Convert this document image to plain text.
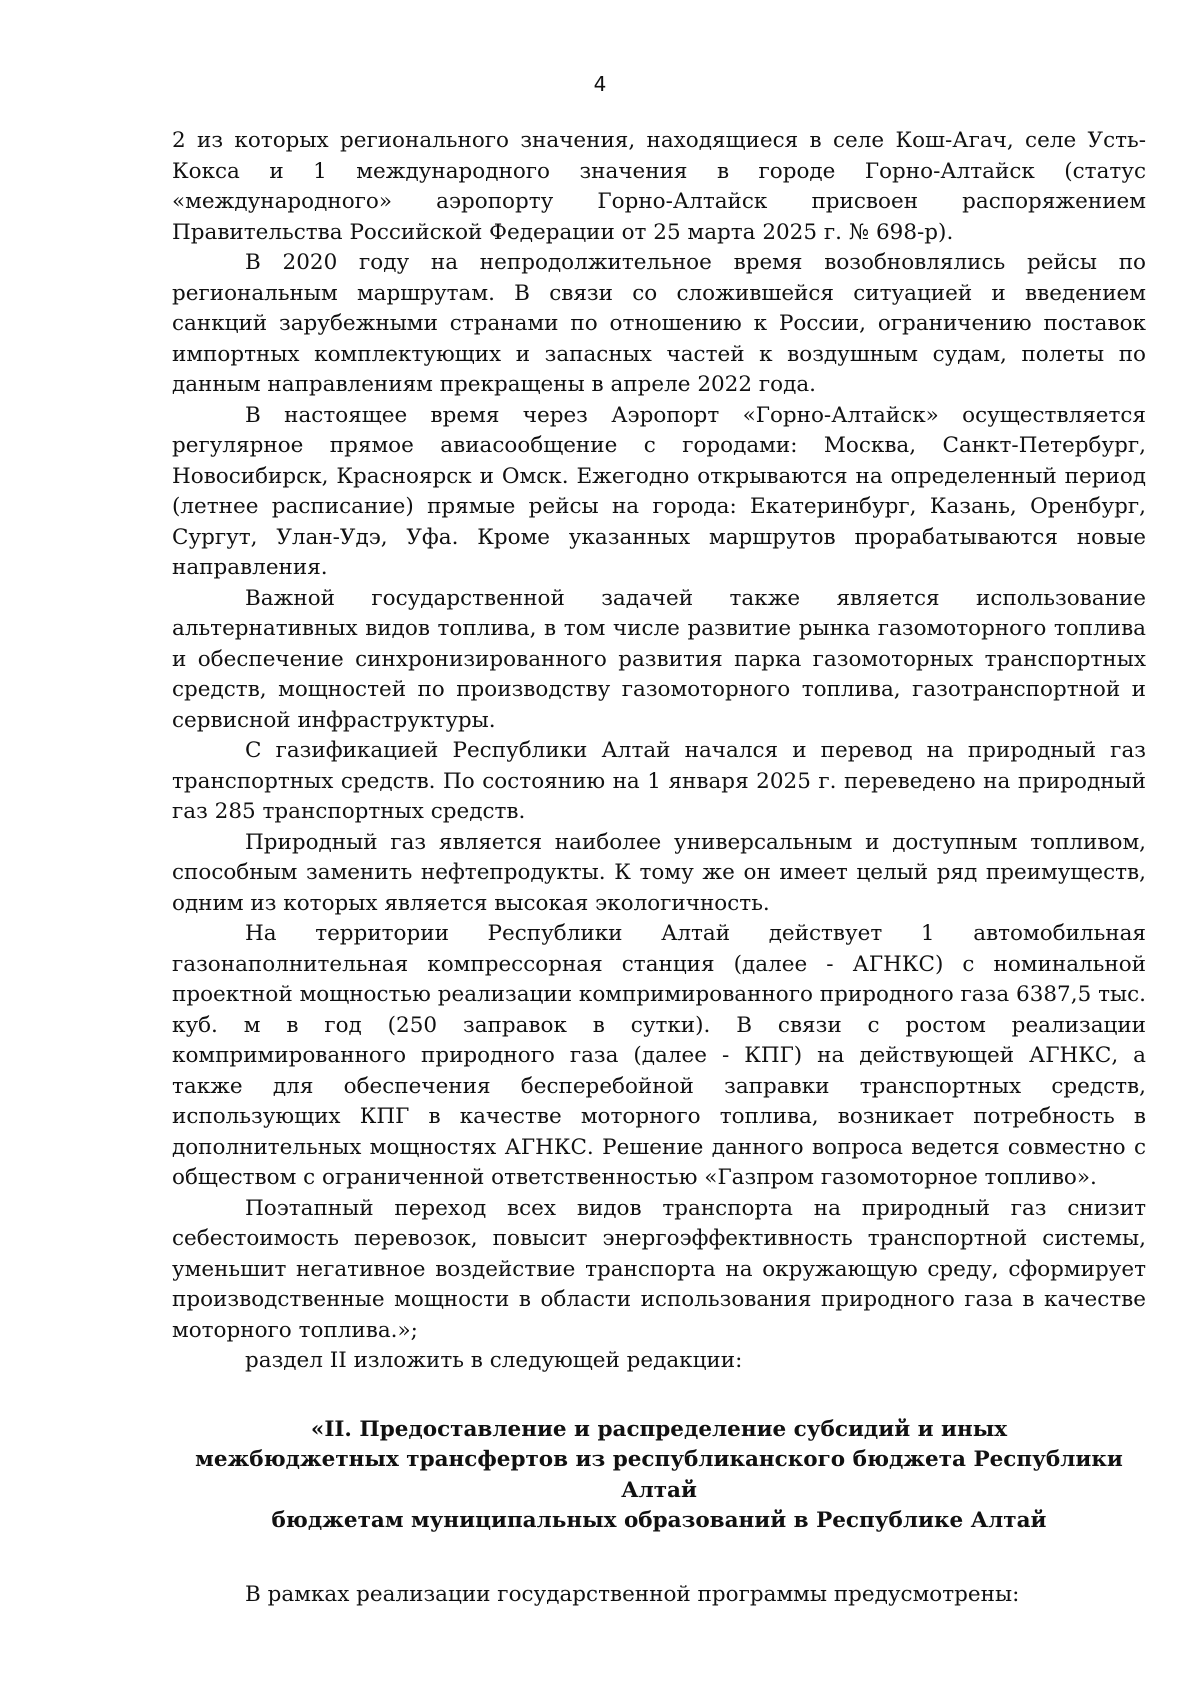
4

2 из которых регионального значения, находящиеся в селе Кош-Агач, селе Усть-Кокса и 1 международного значения в городе Горно-Алтайск (статус «международного» аэропорту Горно-Алтайск присвоен распоряжением Правительства Российской Федерации от 25 марта 2025 г. № 698-р).

В 2020 году на непродолжительное время возобновлялись рейсы по региональным маршрутам. В связи со сложившейся ситуацией и введением санкций зарубежными странами по отношению к России, ограничению поставок импортных комплектующих и запасных частей к воздушным судам, полеты по данным направлениям прекращены в апреле 2022 года.

В настоящее время через Аэропорт «Горно-Алтайск» осуществляется регулярное прямое авиасообщение с городами: Москва, Санкт-Петербург, Новосибирск, Красноярск и Омск. Ежегодно открываются на определенный период (летнее расписание) прямые рейсы на города: Екатеринбург, Казань, Оренбург, Сургут, Улан-Удэ, Уфа. Кроме указанных маршрутов прорабатываются новые направления.

Важной государственной задачей также является использование альтернативных видов топлива, в том числе развитие рынка газомоторного топлива и обеспечение синхронизированного развития парка газомоторных транспортных средств, мощностей по производству газомоторного топлива, газотранспортной и сервисной инфраструктуры.

С газификацией Республики Алтай начался и перевод на природный газ транспортных средств. По состоянию на 1 января 2025 г. переведено на природный газ 285 транспортных средств.

Природный газ является наиболее универсальным и доступным топливом, способным заменить нефтепродукты. К тому же он имеет целый ряд преимуществ, одним из которых является высокая экологичность.

На территории Республики Алтай действует 1 автомобильная газонаполнительная компрессорная станция (далее - АГНКС) с номинальной проектной мощностью реализации компримированного природного газа 6387,5 тыс. куб. м в год (250 заправок в сутки). В связи с ростом реализации компримированного природного газа (далее - КПГ) на действующей АГНКС, а также для обеспечения бесперебойной заправки транспортных средств, использующих КПГ в качестве моторного топлива, возникает потребность в дополнительных мощностях АГНКС. Решение данного вопроса ведется совместно с обществом с ограниченной ответственностью «Газпром газомоторное топливо».

Поэтапный переход всех видов транспорта на природный газ снизит себестоимость перевозок, повысит энергоэффективность транспортной системы, уменьшит негативное воздействие транспорта на окружающую среду, сформирует производственные мощности в области использования природного газа в качестве моторного топлива.»;

раздел II изложить в следующей редакции:

«II. Предоставление и распределение субсидий и иных
межбюджетных трансфертов из республиканского бюджета Республики Алтай
бюджетам муниципальных образований в Республике Алтай

В рамках реализации государственной программы предусмотрены:
